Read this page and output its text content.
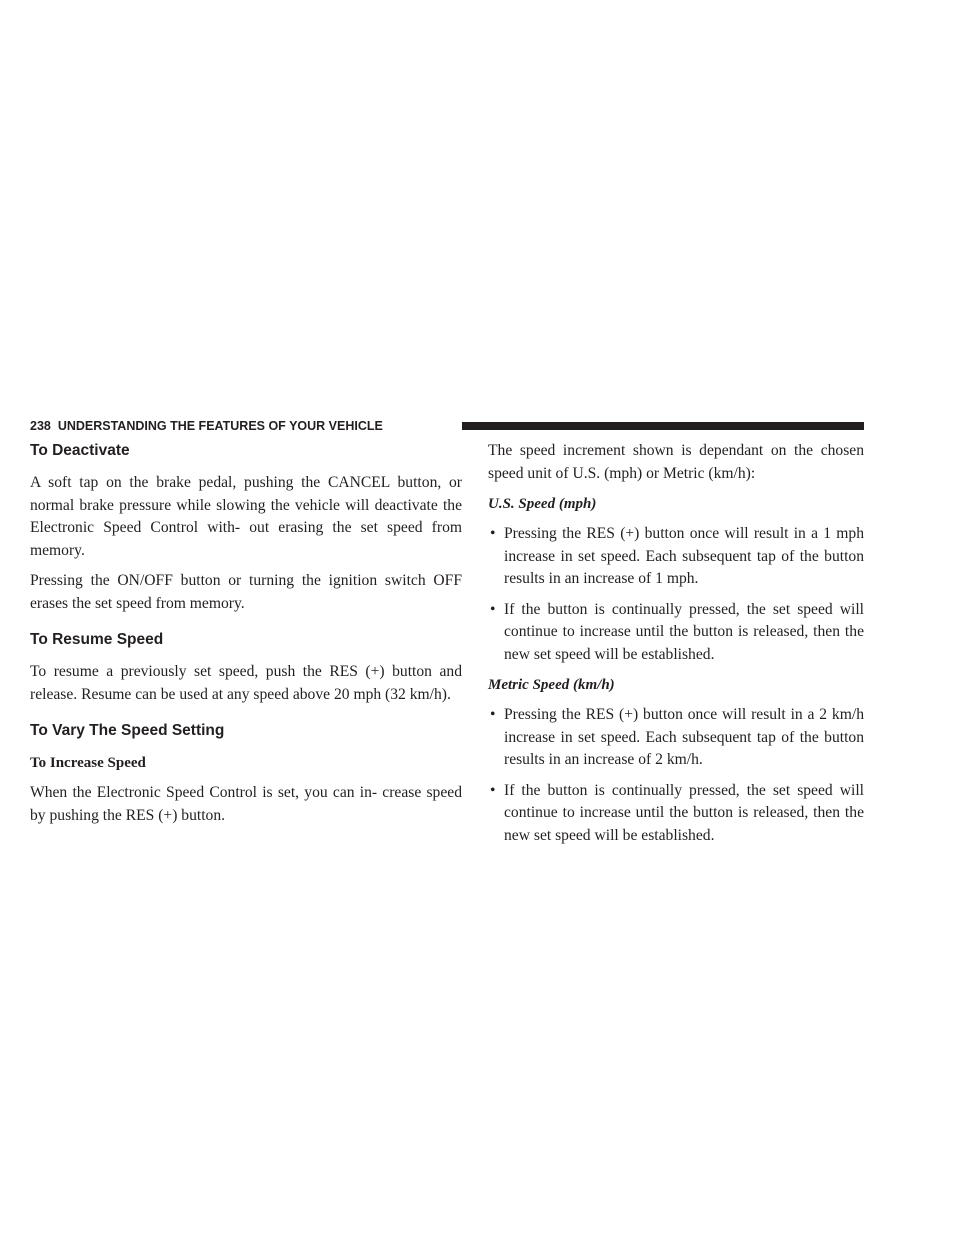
238 UNDERSTANDING THE FEATURES OF YOUR VEHICLE
To Deactivate

A soft tap on the brake pedal, pushing the CANCEL button, or normal brake pressure while slowing the vehicle will deactivate the Electronic Speed Control with- out erasing the set speed from memory.

Pressing the ON/OFF button or turning the ignition switch OFF erases the set speed from memory.

To Resume Speed

To resume a previously set speed, push the RES (+) button and release. Resume can be used at any speed above 20 mph (32 km/h).

To Vary The Speed Setting
To Increase Speed

When the Electronic Speed Control is set, you can in- crease speed by pushing the RES (+) button.

The speed increment shown is dependant on the chosen speed unit of U.S. (mph) or Metric (km/h):

U.S. Speed (mph)
• Pressing the RES (+) button once will result in a 1 mph increase in set speed. Each subsequent tap of the button results in an increase of 1 mph.
• If the button is continually pressed, the set speed will continue to increase until the button is released, then the new set speed will be established.
Metric Speed (km/h)
• Pressing the RES (+) button once will result in a 2 km/h increase in set speed. Each subsequent tap of the button results in an increase of 2 km/h.
• If the button is continually pressed, the set speed will continue to increase until the button is released, then the new set speed will be established.
